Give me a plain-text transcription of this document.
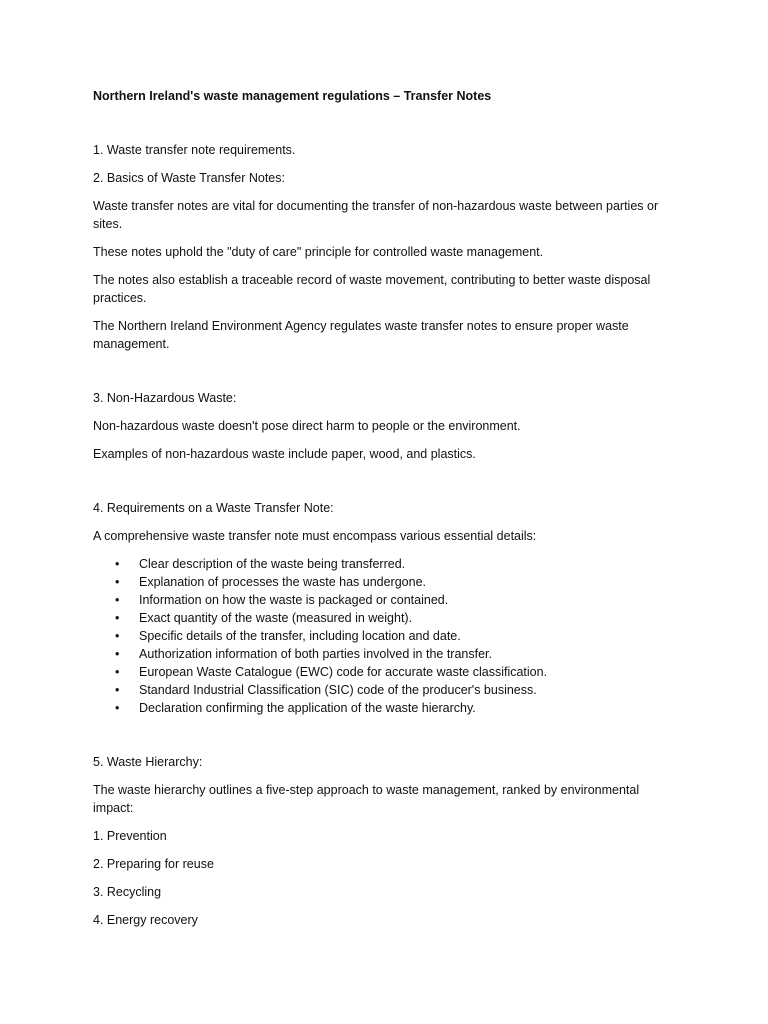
Northern Ireland's waste management regulations – Transfer Notes

1. Waste transfer note requirements.

2. Basics of Waste Transfer Notes:

Waste transfer notes are vital for documenting the transfer of non-hazardous waste between parties or sites.

These notes uphold the "duty of care" principle for controlled waste management.

The notes also establish a traceable record of waste movement, contributing to better waste disposal practices.

The Northern Ireland Environment Agency regulates waste transfer notes to ensure proper waste management.

3. Non-Hazardous Waste:

Non-hazardous waste doesn't pose direct harm to people or the environment.

Examples of non-hazardous waste include paper, wood, and plastics.

4. Requirements on a Waste Transfer Note:

A comprehensive waste transfer note must encompass various essential details:

• Clear description of the waste being transferred.
• Explanation of processes the waste has undergone.
• Information on how the waste is packaged or contained.
• Exact quantity of the waste (measured in weight).
• Specific details of the transfer, including location and date.
• Authorization information of both parties involved in the transfer.
• European Waste Catalogue (EWC) code for accurate waste classification.
• Standard Industrial Classification (SIC) code of the producer's business.
• Declaration confirming the application of the waste hierarchy.

5. Waste Hierarchy:

The waste hierarchy outlines a five-step approach to waste management, ranked by environmental impact:

1. Prevention
2. Preparing for reuse
3. Recycling
4. Energy recovery
